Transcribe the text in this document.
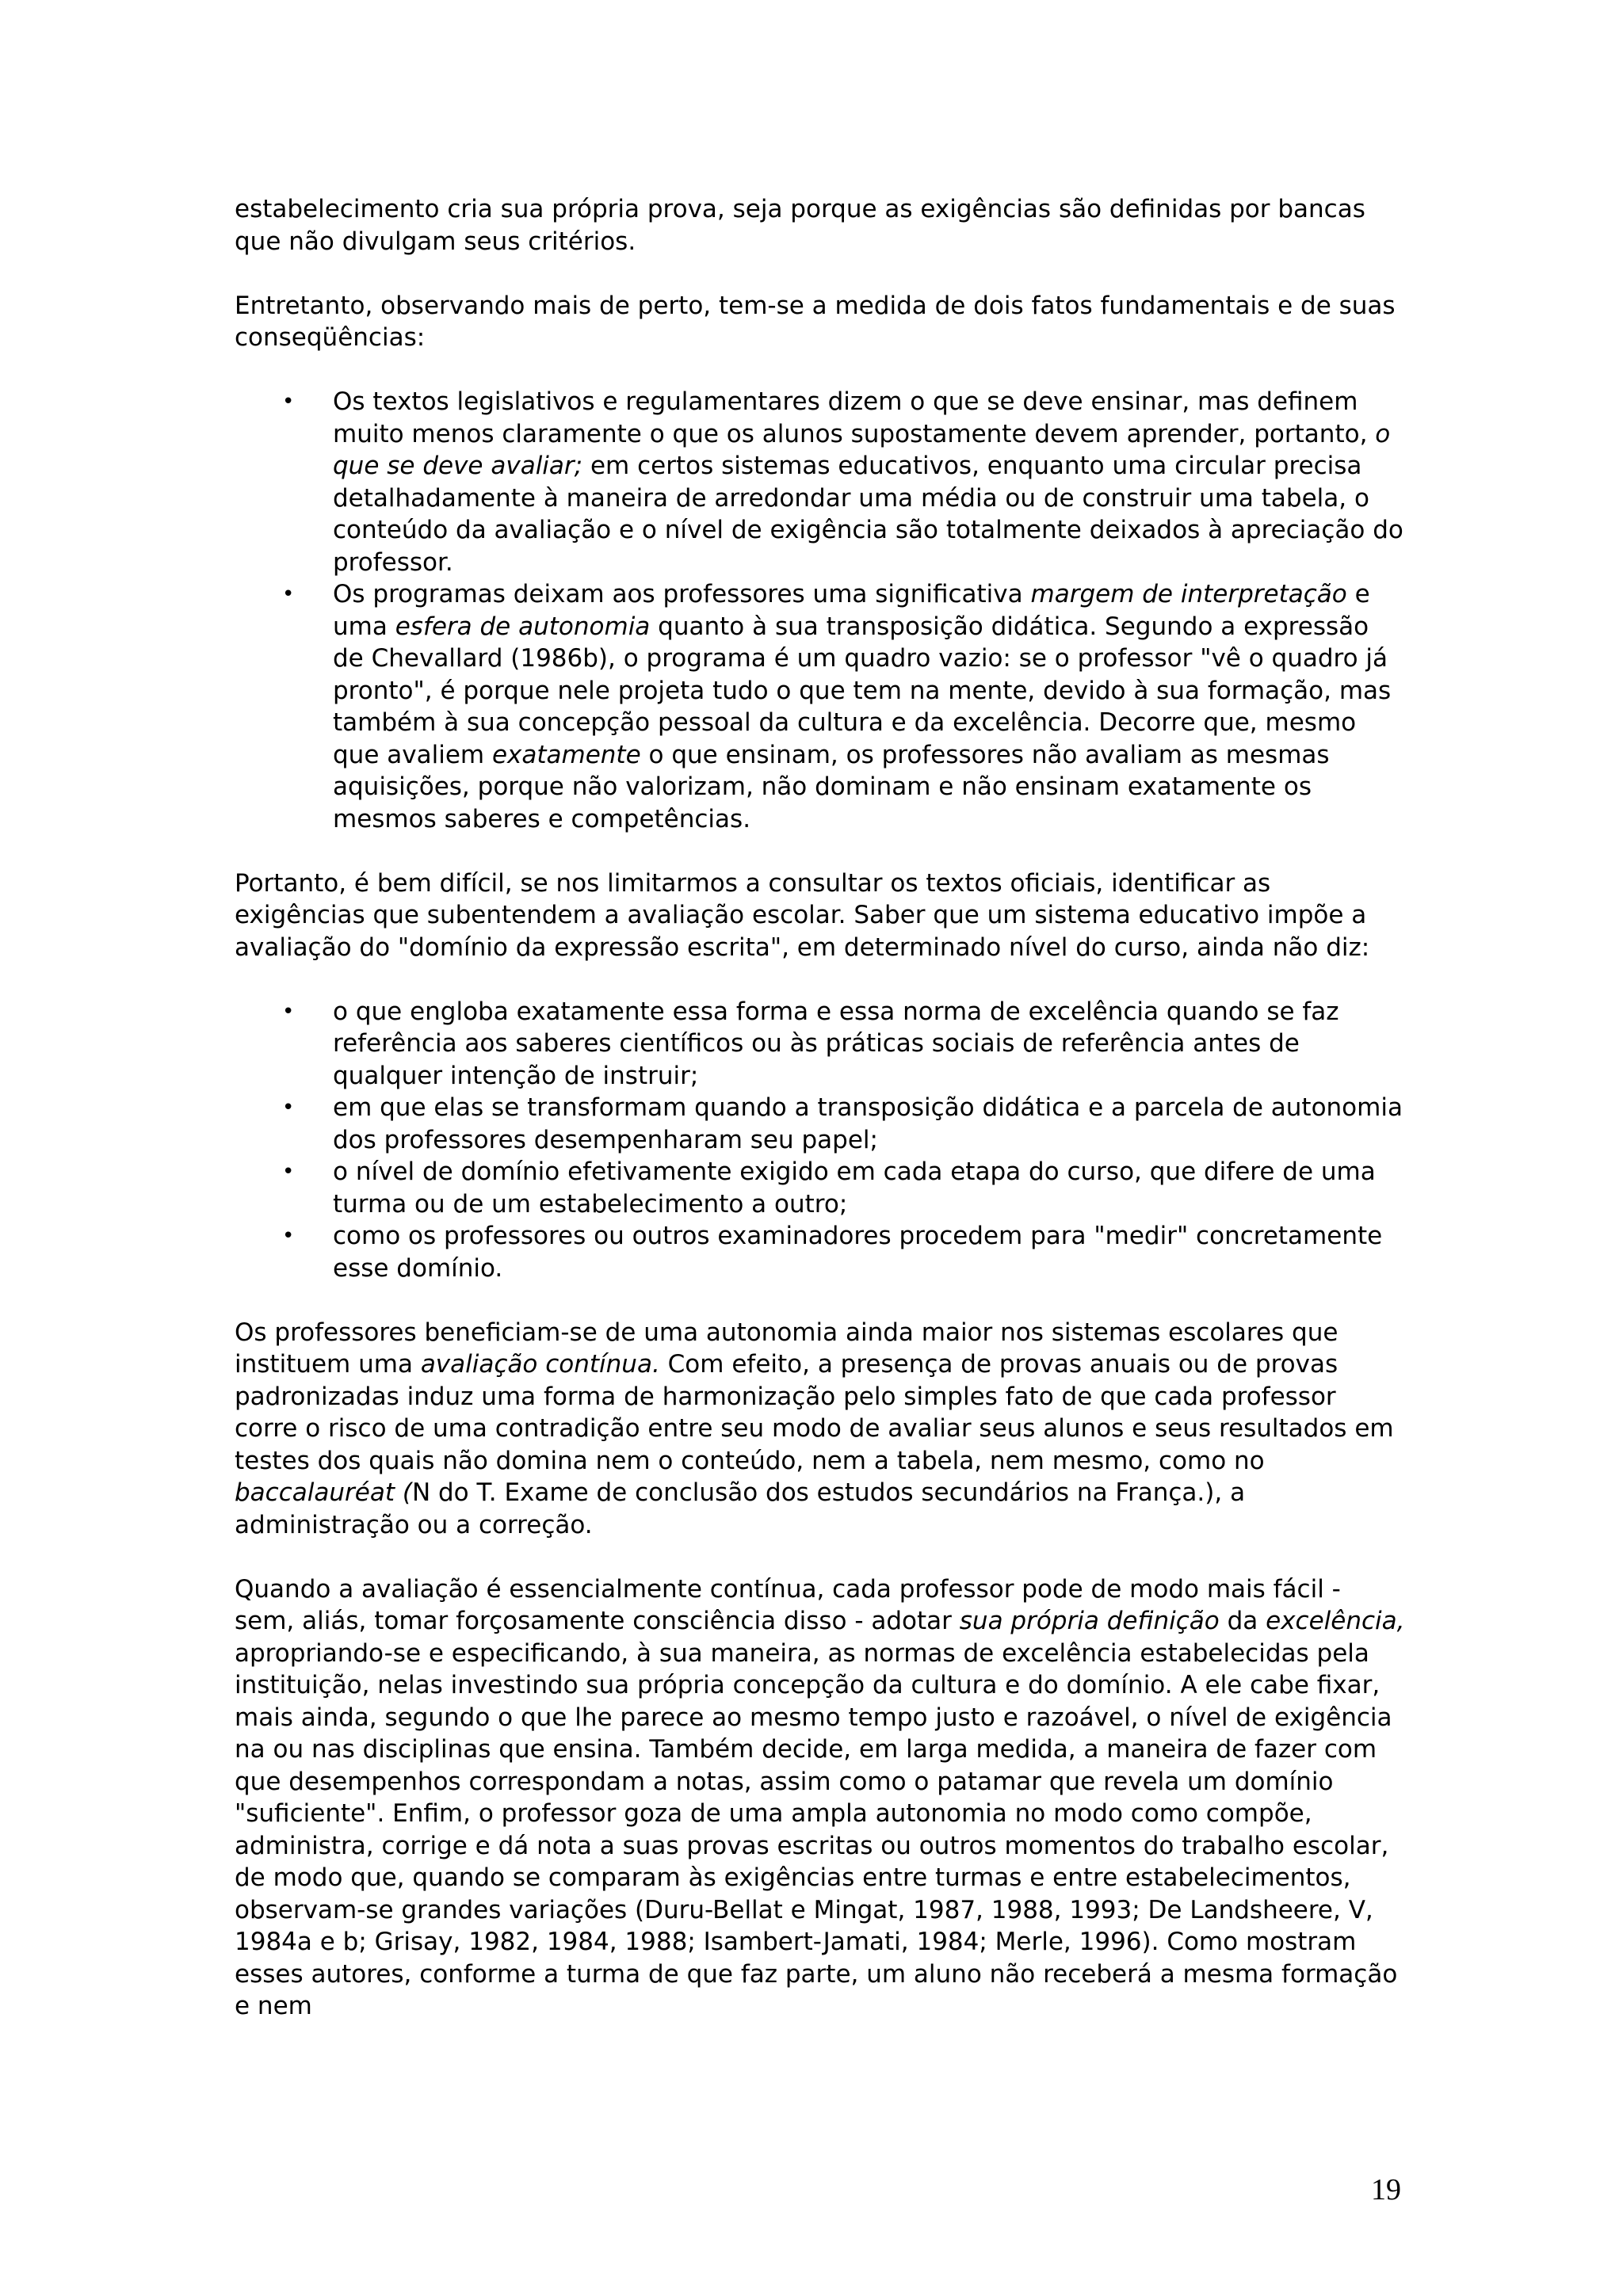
estabelecimento cria sua própria prova, seja porque as exigências são definidas por bancas que não divulgam seus critérios.

Entretanto, observando mais de perto, tem-se a medida de dois fatos fundamentais e de suas conseqüências:

• Os textos legislativos e regulamentares dizem o que se deve ensinar, mas definem muito menos claramente o que os alunos supostamente devem aprender, portanto, o que se deve avaliar; em certos sistemas educativos, enquanto uma circular precisa detalhadamente à maneira de arredondar uma média ou de construir uma tabela, o conteúdo da avaliação e o nível de exigência são totalmente deixados à apreciação do professor.
• Os programas deixam aos professores uma significativa margem de interpretação e uma esfera de autonomia quanto à sua transposição didática. Segundo a expressão de Chevallard (1986b), o programa é um quadro vazio: se o professor "vê o quadro já pronto", é porque nele projeta tudo o que tem na mente, devido à sua formação, mas também à sua concepção pessoal da cultura e da excelência. Decorre que, mesmo que avaliem exatamente o que ensinam, os professores não avaliam as mesmas aquisições, porque não valorizam, não dominam e não ensinam exatamente os mesmos saberes e competências.

Portanto, é bem difícil, se nos limitarmos a consultar os textos oficiais, identificar as exigências que subentendem a avaliação escolar. Saber que um sistema educativo impõe a avaliação do "domínio da expressão escrita", em determinado nível do curso, ainda não diz:

• o que engloba exatamente essa forma e essa norma de excelência quando se faz referência aos saberes científicos ou às práticas sociais de referência antes de qualquer intenção de instruir;
• em que elas se transformam quando a transposição didática e a parcela de autonomia dos professores desempenharam seu papel;
• o nível de domínio efetivamente exigido em cada etapa do curso, que difere de uma turma ou de um estabelecimento a outro;
• como os professores ou outros examinadores procedem para "medir" concretamente esse domínio.

Os professores beneficiam-se de uma autonomia ainda maior nos sistemas escolares que instituem uma avaliação contínua. Com efeito, a presença de provas anuais ou de provas padronizadas induz uma forma de harmonização pelo simples fato de que cada professor corre o risco de uma contradição entre seu modo de avaliar seus alunos e seus resultados em testes dos quais não domina nem o conteúdo, nem a tabela, nem mesmo, como no baccalauréat (N do T. Exame de conclusão dos estudos secundários na França.), a administração ou a correção.

Quando a avaliação é essencialmente contínua, cada professor pode de modo mais fácil - sem, aliás, tomar forçosamente consciência disso - adotar sua própria definição da excelência, apropriando-se e especificando, à sua maneira, as normas de excelência estabelecidas pela instituição, nelas investindo sua própria concepção da cultura e do domínio. A ele cabe fixar, mais ainda, segundo o que lhe parece ao mesmo tempo justo e razoável, o nível de exigência na ou nas disciplinas que ensina. Também decide, em larga medida, a maneira de fazer com que desempenhos correspondam a notas, assim como o patamar que revela um domínio "suficiente". Enfim, o professor goza de uma ampla autonomia no modo como compõe, administra, corrige e dá nota a suas provas escritas ou outros momentos do trabalho escolar, de modo que, quando se comparam às exigências entre turmas e entre estabelecimentos, observam-se grandes variações (Duru-Bellat e Mingat, 1987, 1988, 1993; De Landsheere, V, 1984a e b; Grisay, 1982, 1984, 1988; Isambert-Jamati, 1984; Merle, 1996). Como mostram esses autores, conforme a turma de que faz parte, um aluno não receberá a mesma formação e nem

19
